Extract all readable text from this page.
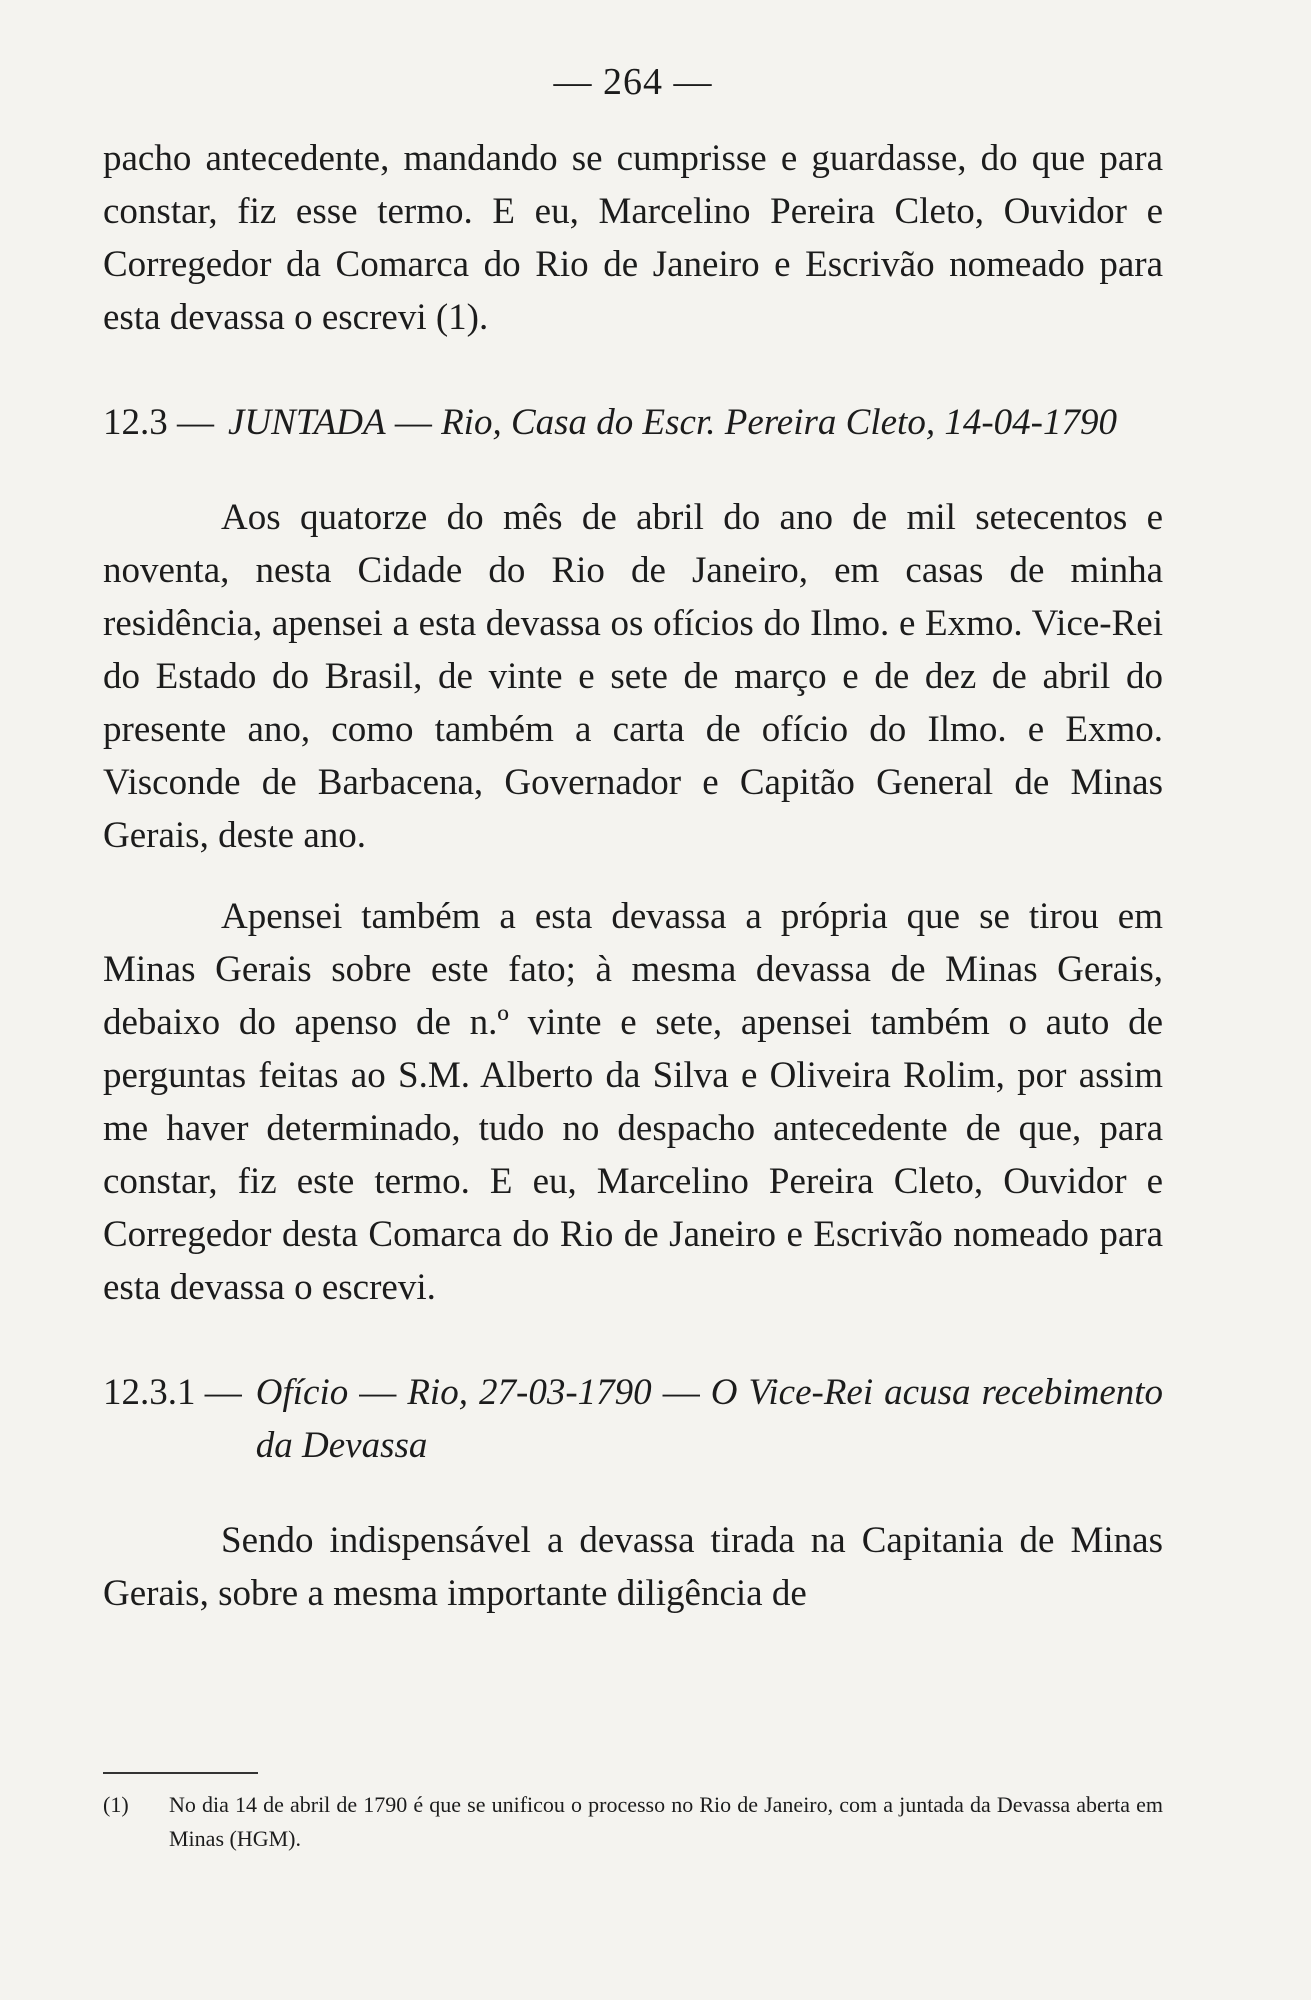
— 264 —

pacho antecedente, mandando se cumprisse e guardasse, do que para constar, fiz esse termo. E eu, Marcelino Pereira Cleto, Ouvidor e Corregedor da Comarca do Rio de Janeiro e Escrivão nomeado para esta devassa o escrevi (1).

12.3 — JUNTADA — Rio, Casa do Escr. Pereira Cleto, 14-04-1790

Aos quatorze do mês de abril do ano de mil setecentos e noventa, nesta Cidade do Rio de Janeiro, em casas de minha residência, apensei a esta devassa os ofícios do Ilmo. e Exmo. Vice-Rei do Estado do Brasil, de vinte e sete de março e de dez de abril do presente ano, como também a carta de ofício do Ilmo. e Exmo. Visconde de Barbacena, Governador e Capitão General de Minas Gerais, deste ano.

Apensei também a esta devassa a própria que se tirou em Minas Gerais sobre este fato; à mesma devassa de Minas Gerais, debaixo do apenso de n.º vinte e sete, apensei também o auto de perguntas feitas ao S.M. Alberto da Silva e Oliveira Rolim, por assim me haver determinado, tudo no despacho antecedente de que, para constar, fiz este termo. E eu, Marcelino Pereira Cleto, Ouvidor e Corregedor desta Comarca do Rio de Janeiro e Escrivão nomeado para esta devassa o escrevi.

12.3.1 — Ofício — Rio, 27-03-1790 — O Vice-Rei acusa recebimento da Devassa

Sendo indispensável a devassa tirada na Capitania de Minas Gerais, sobre a mesma importante diligência de

(1)	No dia 14 de abril de 1790 é que se unificou o processo no Rio de Janeiro, com a juntada da Devassa aberta em Minas (HGM).
